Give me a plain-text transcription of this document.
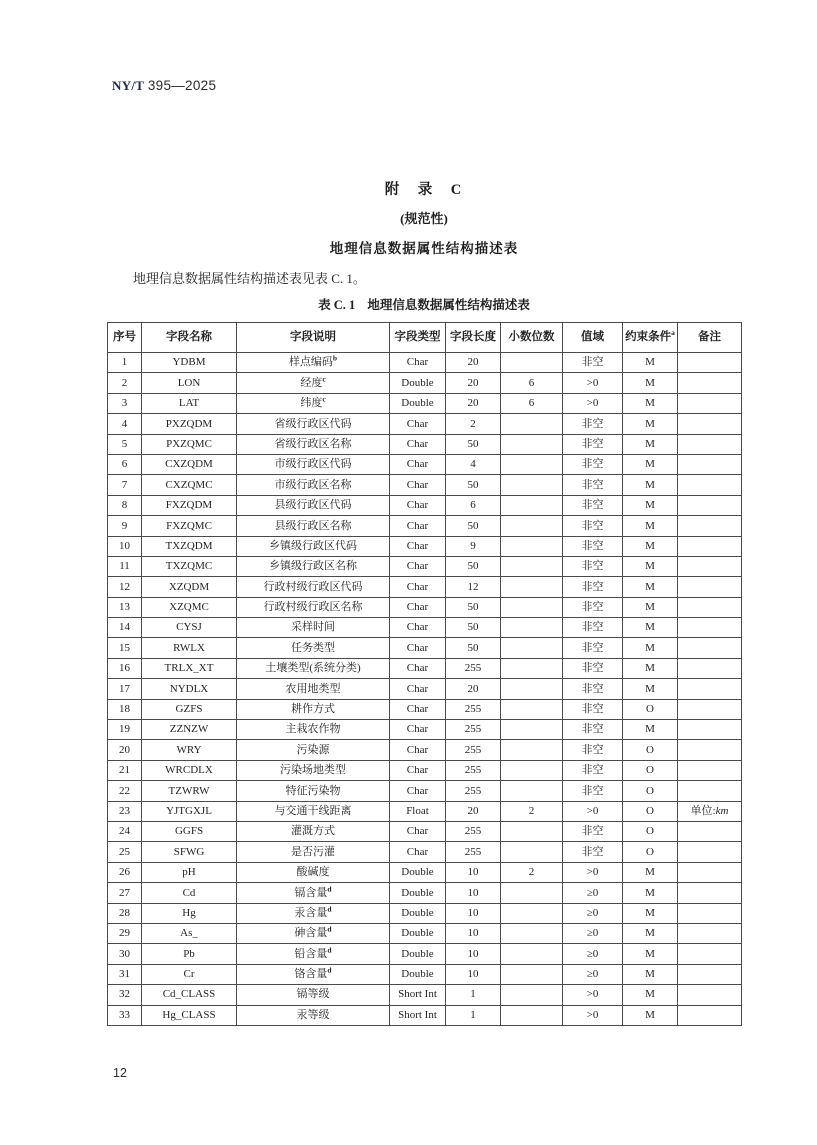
NY/T 395—2025
附　录　C
(规范性)
地理信息数据属性结构描述表

地理信息数据属性结构描述表见表 C. 1。

表 C. 1 地理信息数据属性结构描述表
序号	字段名称	字段说明	字段类型	字段长度	小数位数	值域	约束条件$^a$	备注
1	YDBM	样点编码$^b$	Char	20		非空	M	
2	LON	经度$^c$	Double	20	6	>0	M	
3	LAT	纬度$^c$	Double	20	6	>0	M	
4	PXZQDM	省级行政区代码	Char	2		非空	M	
5	PXZQMC	省级行政区名称	Char	50		非空	M	
6	CXZQDM	市级行政区代码	Char	4		非空	M	
7	CXZQMC	市级行政区名称	Char	50		非空	M	
8	FXZQDM	县级行政区代码	Char	6		非空	M	
9	FXZQMC	县级行政区名称	Char	50		非空	M	
10	TXZQDM	乡镇级行政区代码	Char	9		非空	M	
11	TXZQMC	乡镇级行政区名称	Char	50		非空	M	
12	XZQDM	行政村级行政区代码	Char	12		非空	M	
13	XZQMC	行政村级行政区名称	Char	50		非空	M	
14	CYSJ	采样时间	Char	50		非空	M	
15	RWLX	任务类型	Char	50		非空	M	
16	TRLX_XT	土壤类型(系统分类)	Char	255		非空	M	
17	NYDLX	农用地类型	Char	20		非空	M	
18	GZFS	耕作方式	Char	255		非空	O	
19	ZZNZW	主栽农作物	Char	255		非空	M	
20	WRY	污染源	Char	255		非空	O	
21	WRCDLX	污染场地类型	Char	255		非空	O	
22	TZWRW	特征污染物	Char	255		非空	O	
23	YJTGXJL	与交通干线距离	Float	20	2	>0	O	单位:km
24	GGFS	灌溉方式	Char	255		非空	O	
25	SFWG	是否污灌	Char	255		非空	O	
26	pH	酸碱度	Double	10	2	>0	M	
27	Cd	镉含量$^d$	Double	10		≥0	M	
28	Hg	汞含量$^d$	Double	10		≥0	M	
29	As_	砷含量$^d$	Double	10		≥0	M	
30	Pb	铅含量$^d$	Double	10		≥0	M	
31	Cr	铬含量$^d$	Double	10		≥0	M	
32	Cd_CLASS	镉等级	Short Int	1		>0	M	
33	Hg_CLASS	汞等级	Short Int	1		>0	M	
12
